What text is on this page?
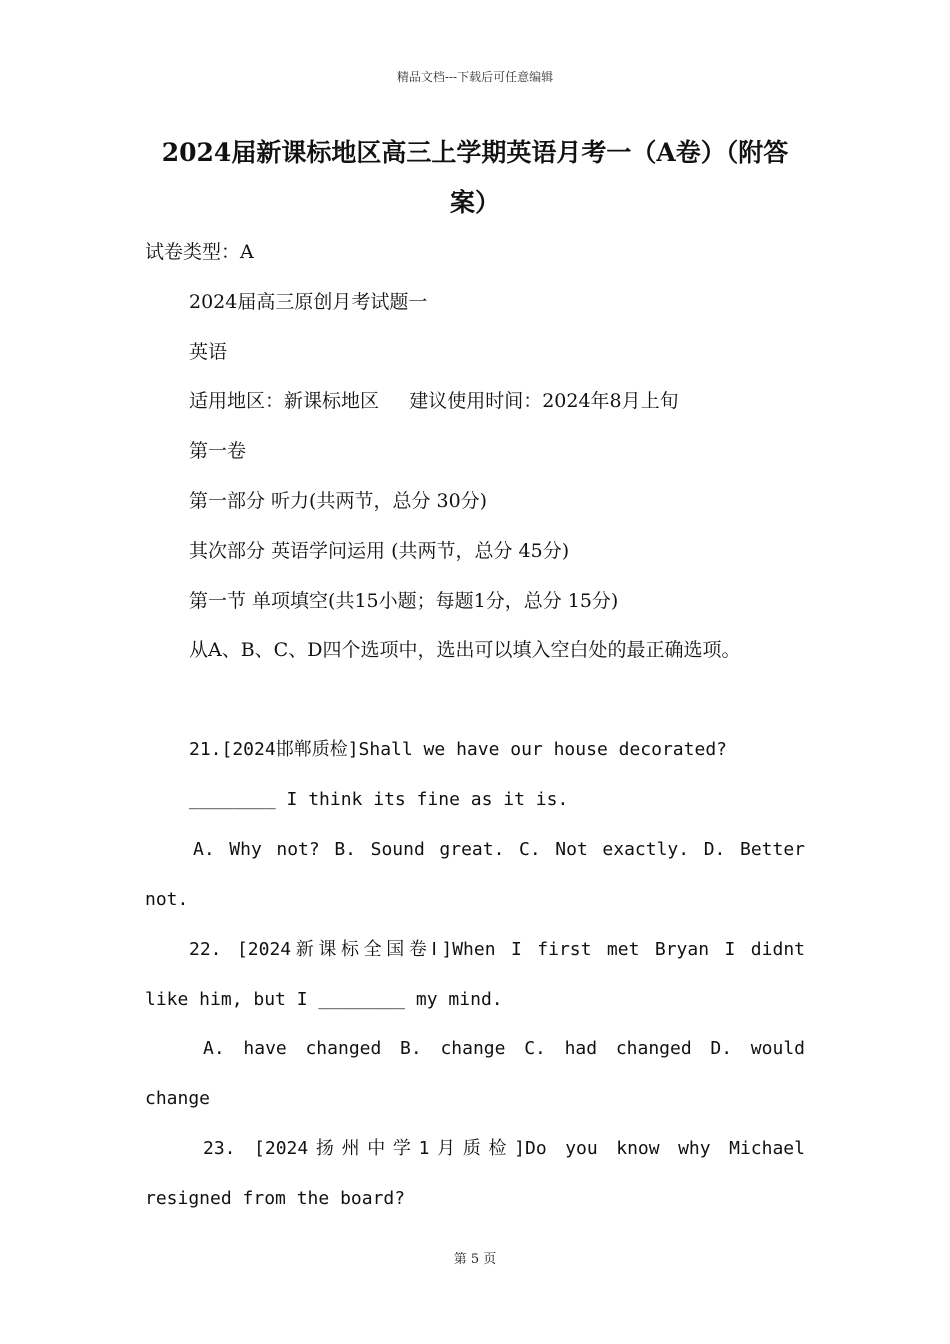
精品文档---下载后可任意编辑
2024届新课标地区高三上学期英语月考一（A卷）（附答案）
试卷类型：A
2024届高三原创月考试题一
英语
适用地区：新课标地区     建议使用时间：2024年8月上旬
第一卷
第一部分 听力(共两节，总分 30分)
其次部分 英语学问运用 (共两节，总分 45分)
第一节 单项填空(共15小题；每题1分，总分 15分)
从A、B、C、D四个选项中，选出可以填入空白处的最正确选项。
21.[2024邯郸质检]Shall we have our house decorated?
________ I think its fine as it is.
A. Why not? B. Sound great. C. Not exactly. D. Better
not.
22. [2024新课标全国卷Ⅰ]When I first met Bryan I didnt
like him, but I ________ my mind.
A. have changed B. change C. had changed D. would
change
23. [2024扬州中学1月质检]Do you know why Michael
resigned from the board?
第 5 页
